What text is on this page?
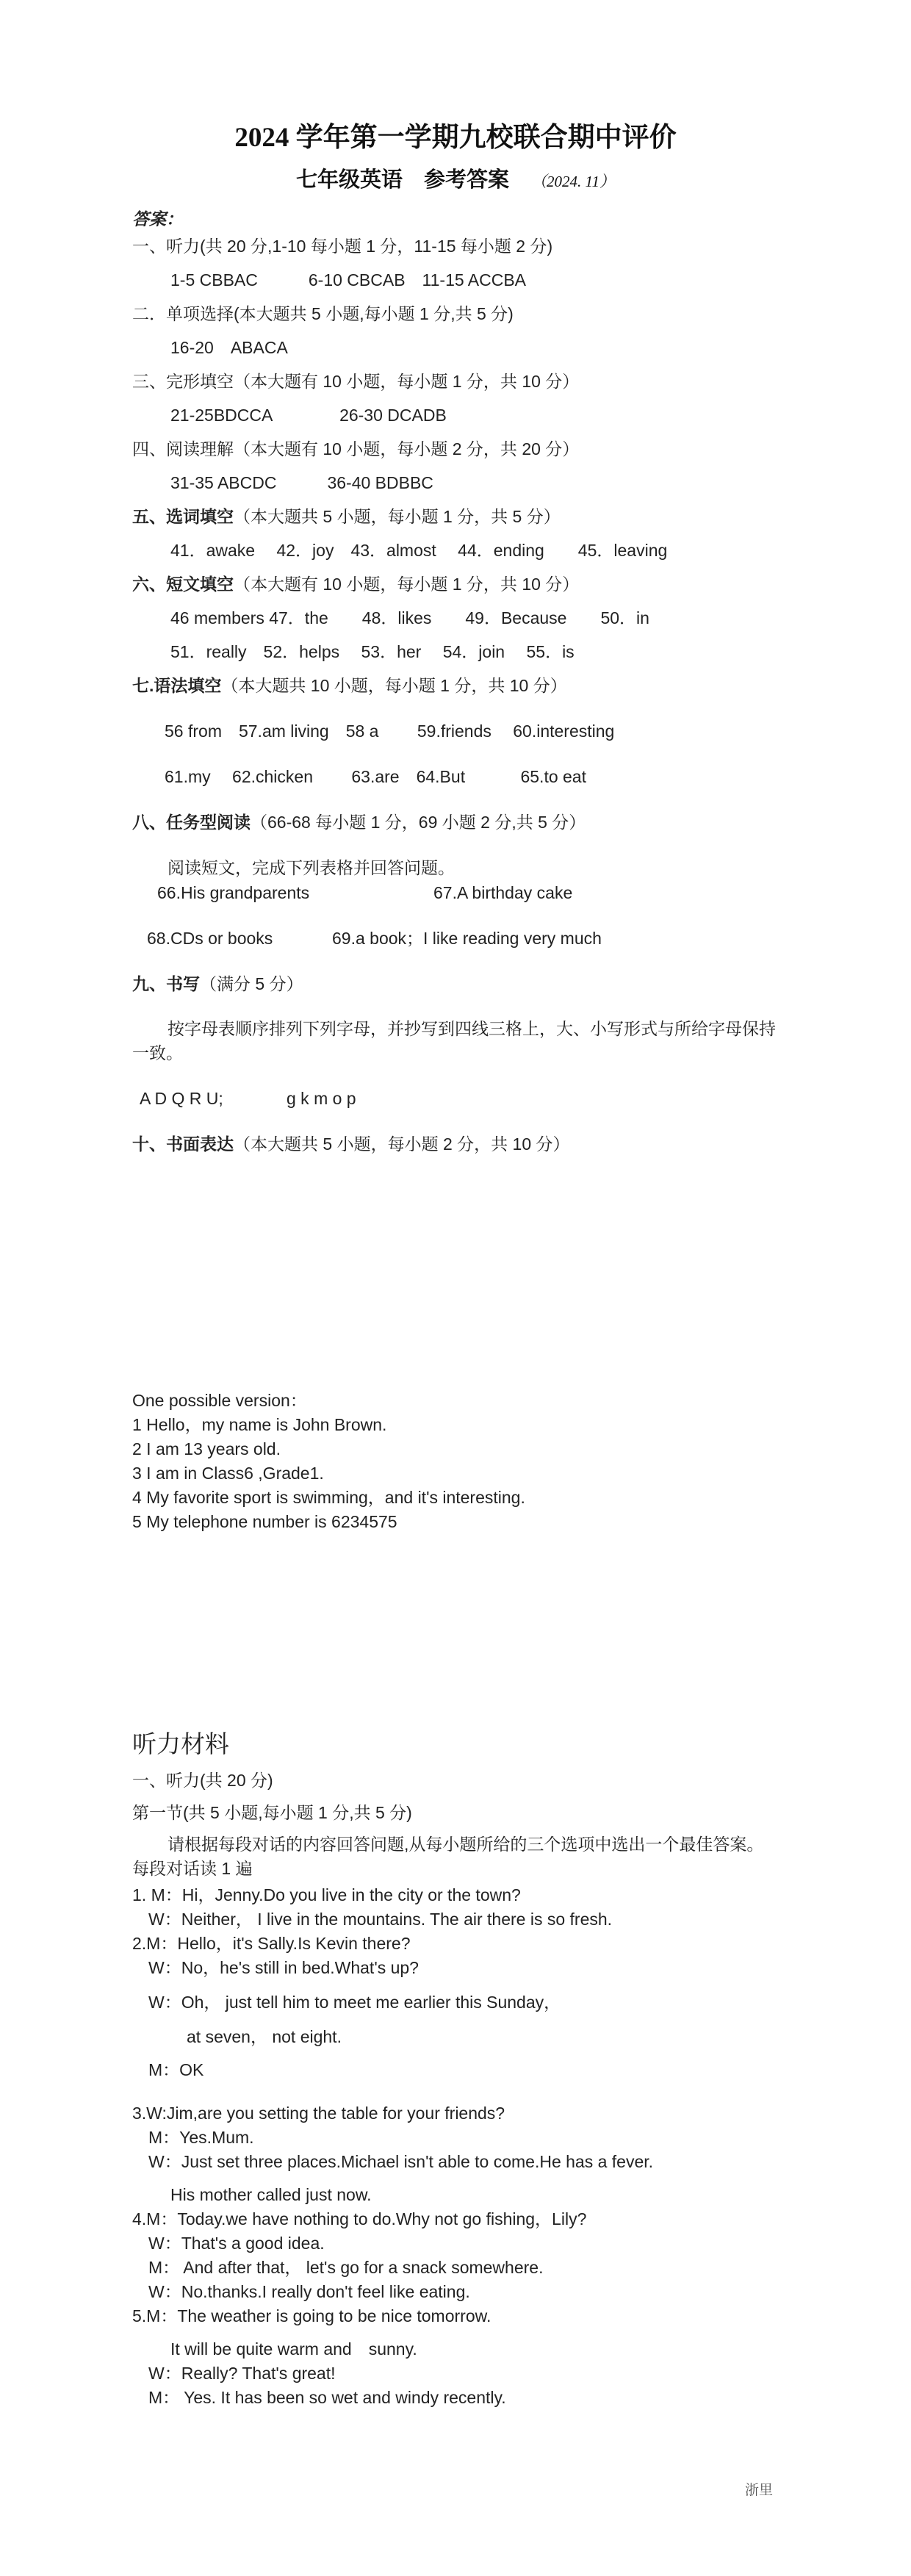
2024 学年第一学期九校联合期中评价
七年级英语　参考答案 （2024. 11）
答案：
一、听力(共 20 分,1-10 每小题 1 分，11-15 每小题 2 分)
1-5 CBBAC　　　6-10 CBCAB　11-15 ACCBA
二．单项选择(本大题共 5 小题,每小题 1 分,共 5 分)
16-20　ABACA
三、完形填空（本大题有 10 小题，每小题 1 分，共 10 分）
21-25BDCCA　　　　26-30 DCADB
四、阅读理解（本大题有 10 小题，每小题 2 分，共 20 分）
31-35 ABCDC　　　36-40 BDBBC
五、选词填空（本大题共 5 小题，每小题 1 分，共 5 分）
41．awake　 42．joy　43．almost　 44．ending　　45．leaving
六、短文填空（本大题有 10 小题，每小题 1 分，共 10 分）
46 members 47．the　　48．likes　　49．Because　　50．in
51．really　52．helps　 53．her　 54．join　 55．is
七.语法填空（本大题共 10 小题，每小题 1 分，共 10 分）
56 from　57.am living　58 a　　 59.friends　 60.interesting
61.my　 62.chicken　　 63.are　64.But　　　 65.to eat
八、任务型阅读（66-68 每小题 1 分，69 小题 2 分,共 5 分）
阅读短文，完成下列表格并回答问题。
66.His grandparents	67.A birthday cake
68.CDs or books	69.a book；I like reading very much
九、书写（满分 5 分）
按字母表顺序排列下列字母，并抄写到四线三格上，大、小写形式与所给字母保持一致。
A D Q R U;	g k m o p
十、书面表达（本大题共 5 小题，每小题 2 分，共 10 分）
One possible version：
1 Hello，my name is John Brown.
2 I am 13 years old.
3 I am in Class6 ,Grade1.
4 My favorite sport is swimming，and it's interesting.
5 My telephone number is 6234575
听力材料
一、听力(共 20 分)
第一节(共 5 小题,每小题 1 分,共 5 分)
请根据每段对话的内容回答问题,从每小题所给的三个选项中选出一个最佳答案。每段对话读 1 遍
1. M：Hi，Jenny.Do you live in the city or the town?
W：Neither， I live in the mountains. The air there is so fresh.
2.M：Hello，it's Sally.Is Kevin there?
W：No，he's still in bed.What's up?
W：Oh， just tell him to meet me earlier this Sunday，
at seven， not eight.
M：OK
3.W:Jim,are you setting the table for your friends?
M：Yes.Mum.
W：Just set three places.Michael isn't able to come.He has a fever.
His mother called just now.
4.M：Today.we have nothing to do.Why not go fishing，Lily?
W：That's a good idea.
M： And after that， let's go for a snack somewhere.
W：No.thanks.I really don't feel like eating.
5.M：The weather is going to be nice tomorrow.
It will be quite warm and　sunny.
W：Really? That's great!
M： Yes. It has been so wet and windy recently.
浙里
